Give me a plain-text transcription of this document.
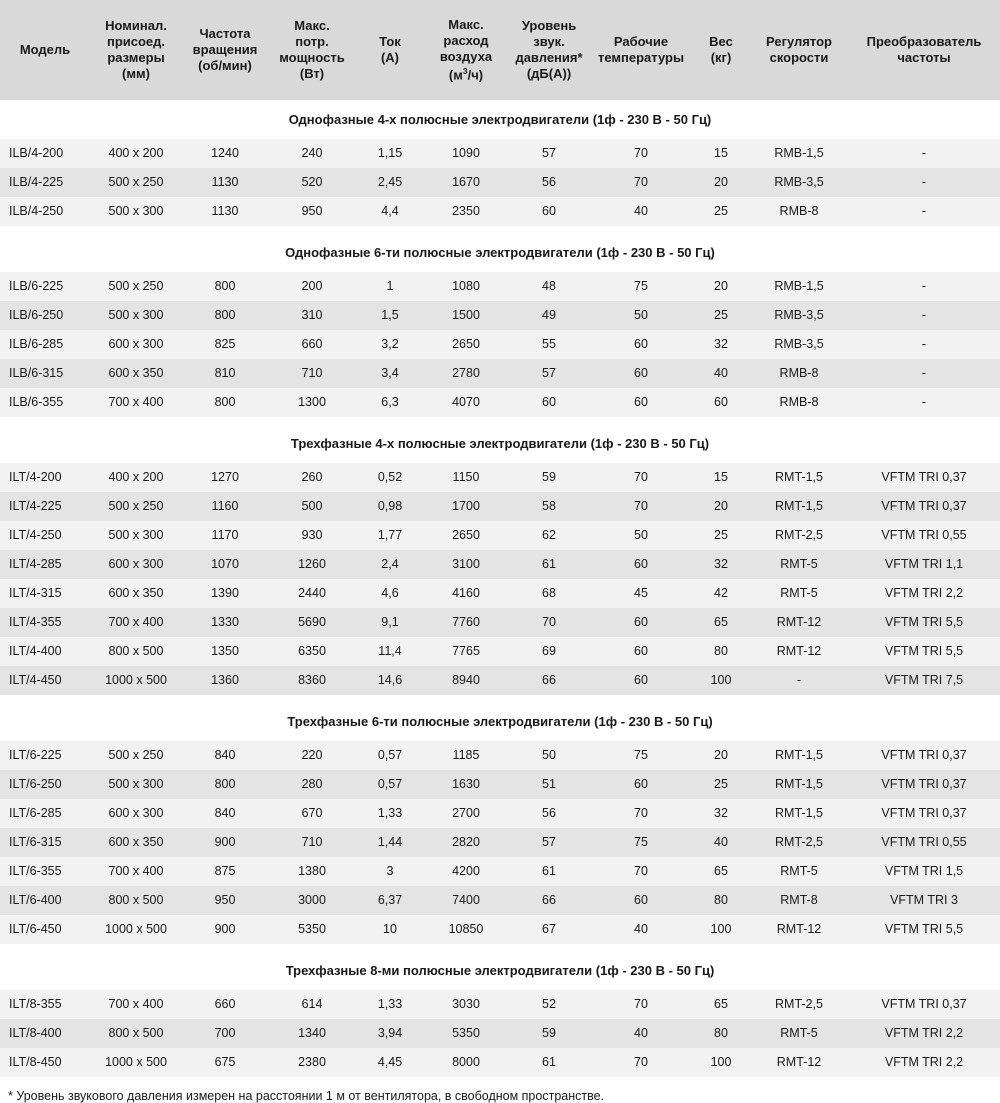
Модель	Номинал.
присоед.
размеры
(мм)	Частота
вращения
(об/мин)	Макс.
потр.
мощность
(Вт)	Ток
(А)	Макс.
расход
воздуха
$(м^3/ч)$	Уровень
звук.
давления*
(дБ(А))	Рабочие
температуры	Вес
(кг)	Регулятор
скорости	Преобразователь
частоты
Однофазные 4-х полюсные электродвигатели (1ф - 230 В - 50 Гц)										
ILB/4-200	400 x 200	1240	240	1,15	1090	57	70	15	RMB-1,5	-
ILB/4-225	500 x 250	1130	520	2,45	1670	56	70	20	RMB-3,5	-
ILB/4-250	500 x 300	1130	950	4,4	2350	60	40	25	RMB-8	-

Однофазные 6-ти полюсные электродвигатели (1ф - 230 В - 50 Гц)										
ILB/6-225	500 x 250	800	200	1	1080	48	75	20	RMB-1,5	-
ILB/6-250	500 x 300	800	310	1,5	1500	49	50	25	RMB-3,5	-
ILB/6-285	600 x 300	825	660	3,2	2650	55	60	32	RMB-3,5	-
ILB/6-315	600 x 350	810	710	3,4	2780	57	60	40	RMB-8	-
ILB/6-355	700 x 400	800	1300	6,3	4070	60	60	60	RMB-8	-

Трехфазные 4-х полюсные электродвигатели (1ф - 230 В - 50 Гц)										
ILT/4-200	400 x 200	1270	260	0,52	1150	59	70	15	RMT-1,5	VFTM TRI 0,37
ILT/4-225	500 x 250	1160	500	0,98	1700	58	70	20	RMT-1,5	VFTM TRI 0,37
ILT/4-250	500 x 300	1170	930	1,77	2650	62	50	25	RMT-2,5	VFTM TRI 0,55
ILT/4-285	600 x 300	1070	1260	2,4	3100	61	60	32	RMT-5	VFTM TRI 1,1
ILT/4-315	600 x 350	1390	2440	4,6	4160	68	45	42	RMT-5	VFTM TRI 2,2
ILT/4-355	700 x 400	1330	5690	9,1	7760	70	60	65	RMT-12	VFTM TRI 5,5
ILT/4-400	800 x 500	1350	6350	11,4	7765	69	60	80	RMT-12	VFTM TRI 5,5
ILT/4-450	1000 x 500	1360	8360	14,6	8940	66	60	100	-	VFTM TRI 7,5

Трехфазные 6-ти полюсные электродвигатели (1ф - 230 В - 50 Гц)										
ILT/6-225	500 x 250	840	220	0,57	1185	50	75	20	RMT-1,5	VFTM TRI 0,37
ILT/6-250	500 x 300	800	280	0,57	1630	51	60	25	RMT-1,5	VFTM TRI 0,37
ILT/6-285	600 x 300	840	670	1,33	2700	56	70	32	RMT-1,5	VFTM TRI 0,37
ILT/6-315	600 x 350	900	710	1,44	2820	57	75	40	RMT-2,5	VFTM TRI 0,55
ILT/6-355	700 x 400	875	1380	3	4200	61	70	65	RMT-5	VFTM TRI 1,5
ILT/6-400	800 x 500	950	3000	6,37	7400	66	60	80	RMT-8	VFTM TRI 3
ILT/6-450	1000 x 500	900	5350	10	10850	67	40	100	RMT-12	VFTM TRI 5,5

Трехфазные 8-ми полюсные электродвигатели (1ф - 230 В - 50 Гц)										
ILT/8-355	700 x 400	660	614	1,33	3030	52	70	65	RMT-2,5	VFTM TRI 0,37
ILT/8-400	800 x 500	700	1340	3,94	5350	59	40	80	RMT-5	VFTM TRI 2,2
ILT/8-450	1000 x 500	675	2380	4,45	8000	61	70	100	RMT-12	VFTM TRI 2,2
* Уровень звукового давления измерен на расстоянии 1 м от вентилятора, в свободном пространстве.
